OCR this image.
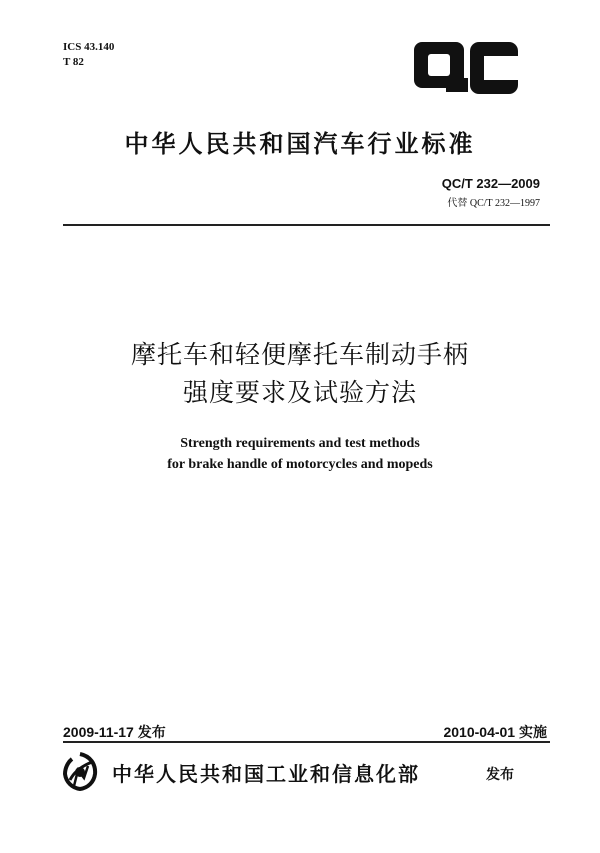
ICS 43.140
T 82
中华人民共和国汽车行业标准
QC/T 232—2009
代替 QC/T 232—1997
摩托车和轻便摩托车制动手柄
强度要求及试验方法
Strength requirements and test methods
for brake handle of motorcycles and mopeds
2009-11-17 发布	2010-04-01 实施
中华人民共和国工业和信息化部	发布
